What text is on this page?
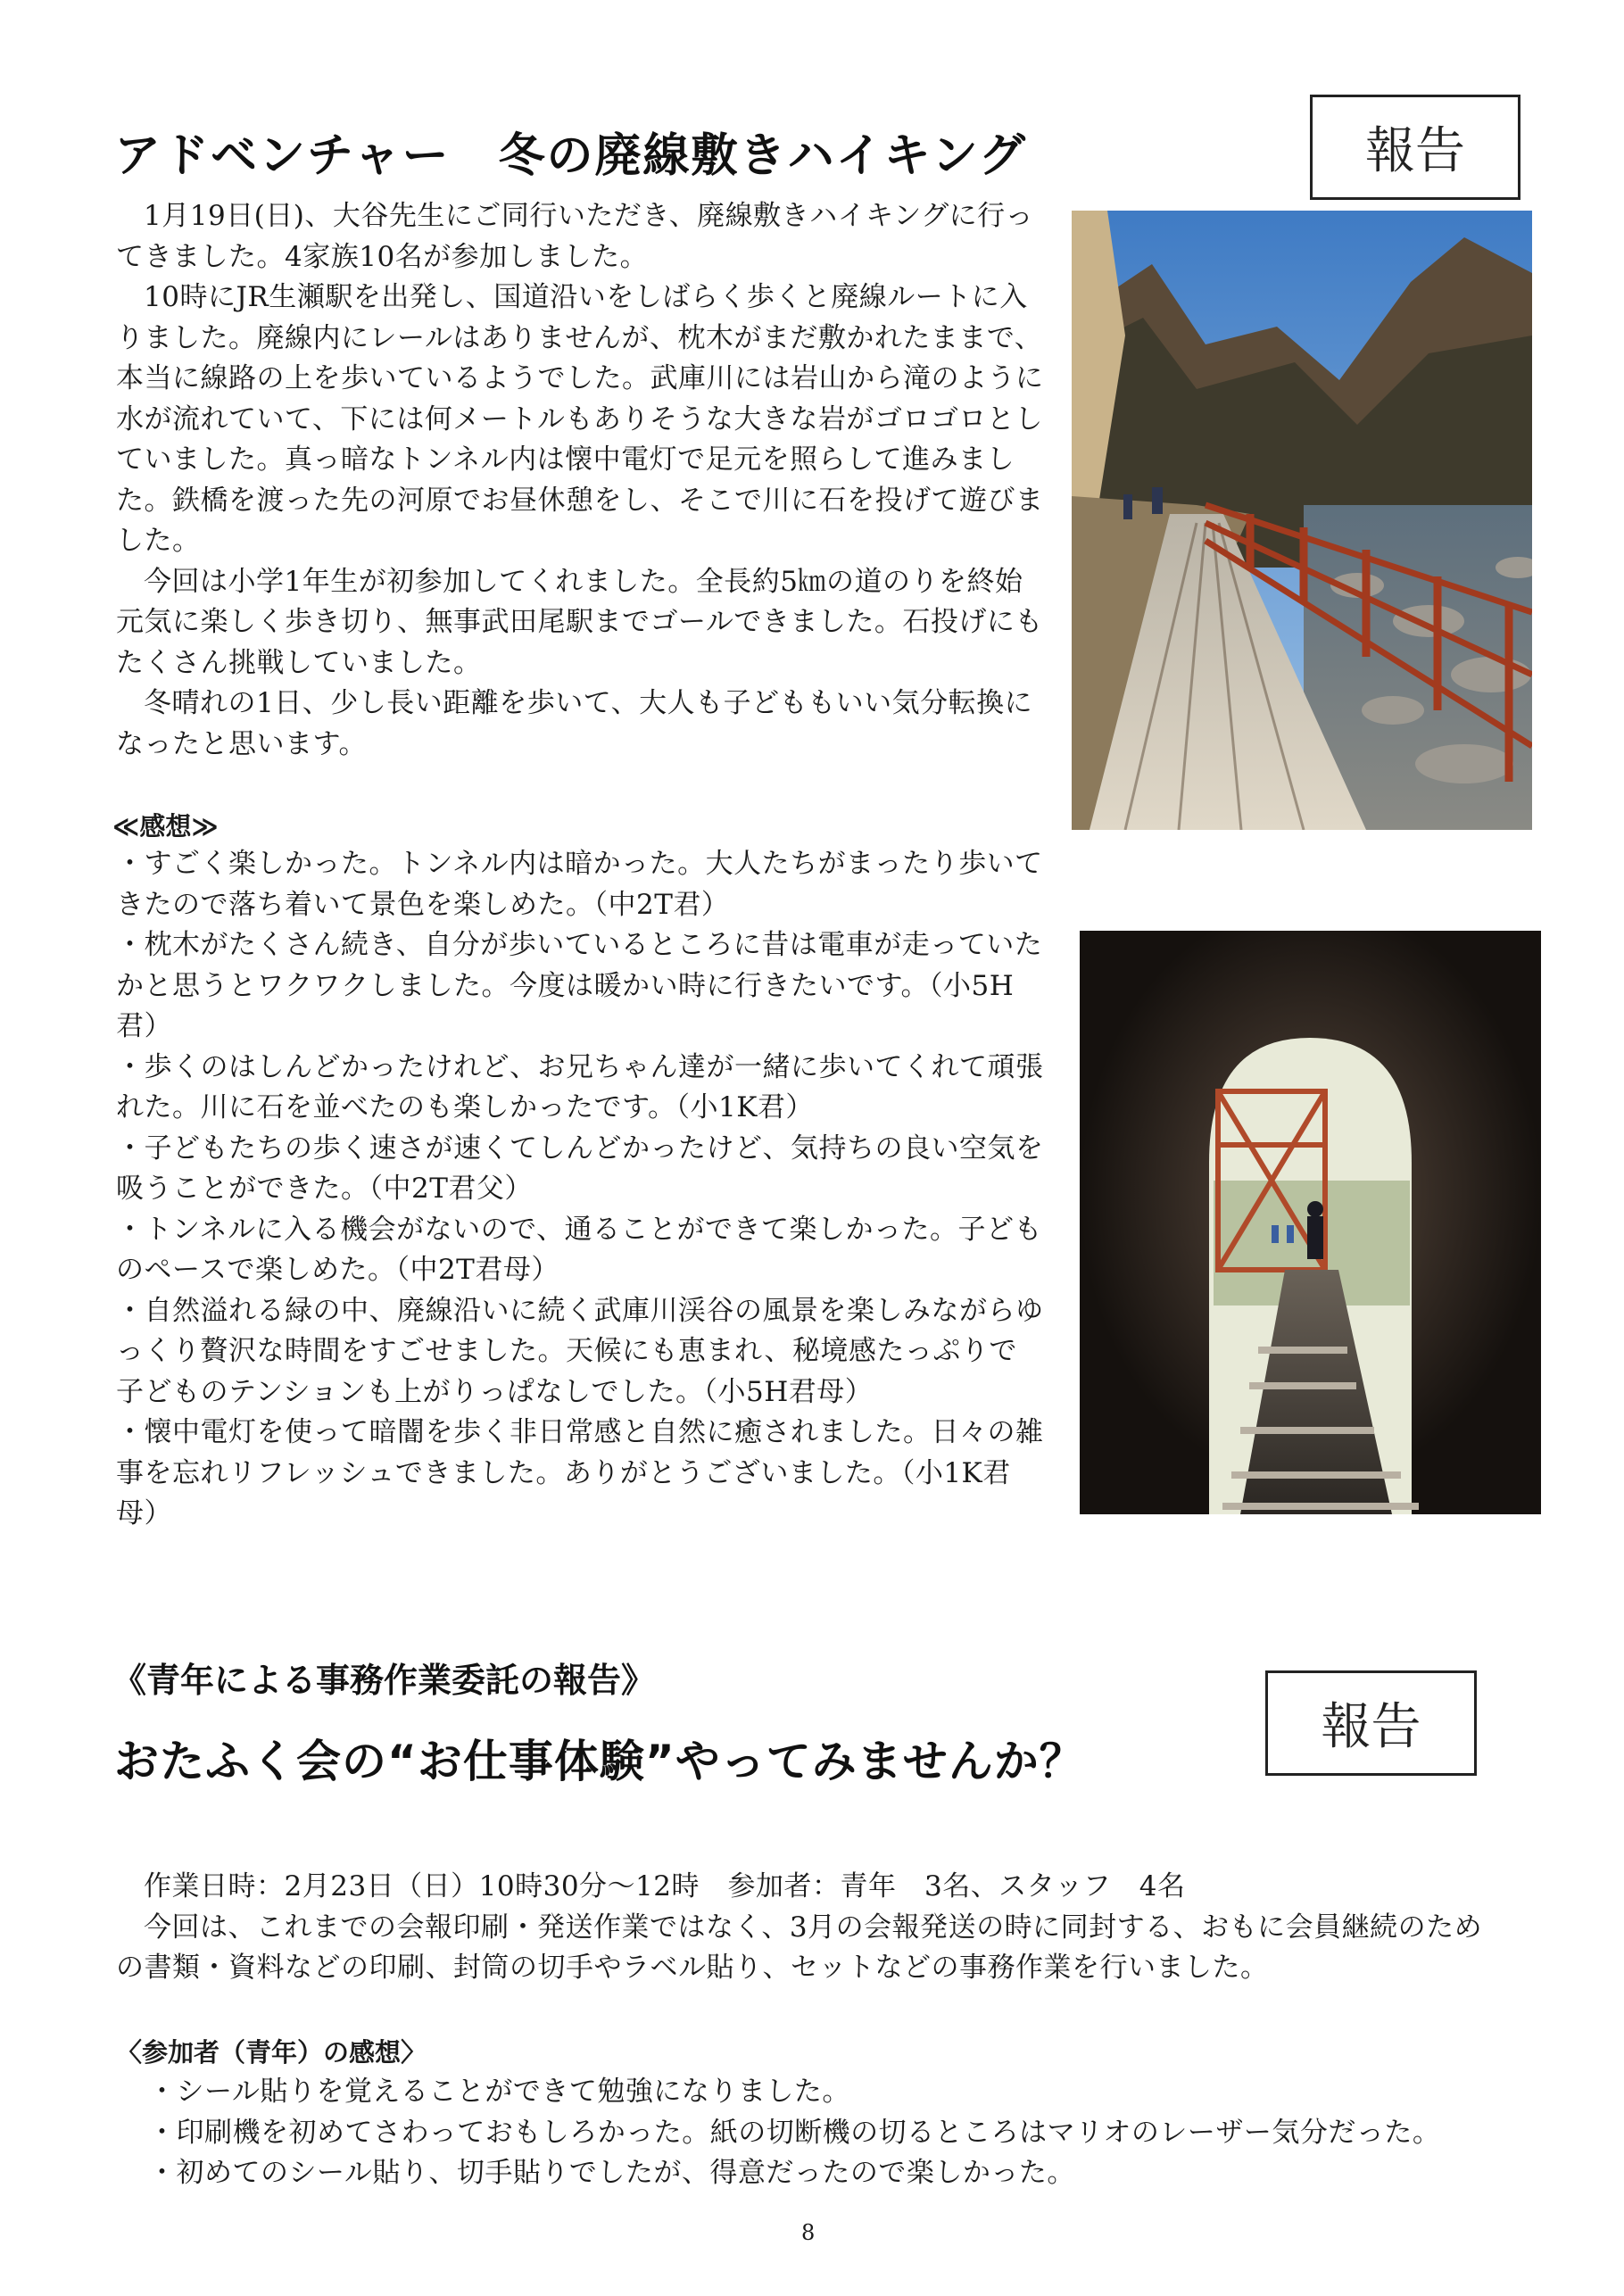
アドベンチャー　冬の廃線敷きハイキング	報告

1月19日(日)、大谷先生にご同行いただき、廃線敷きハイキングに行ってきました。4家族10名が参加しました。

10時にJR生瀬駅を出発し、国道沿いをしばらく歩くと廃線ルートに入りました。廃線内にレールはありませんが、枕木がまだ敷かれたままで、本当に線路の上を歩いているようでした。武庫川には岩山から滝のように水が流れていて、下には何メートルもありそうな大きな岩がゴロゴロとしていました。真っ暗なトンネル内は懐中電灯で足元を照らして進みました。鉄橋を渡った先の河原でお昼休憩をし、そこで川に石を投げて遊びました。

今回は小学1年生が初参加してくれました。全長約5㎞の道のりを終始元気に楽しく歩き切り、無事武田尾駅までゴールできました。石投げにもたくさん挑戦していました。

冬晴れの1日、少し長い距離を歩いて、大人も子どももいい気分転換になったと思います。

≪感想≫

・すごく楽しかった。トンネル内は暗かった。大人たちがまったり歩いてきたので落ち着いて景色を楽しめた。（中2T君）

・枕木がたくさん続き、自分が歩いているところに昔は電車が走っていたかと思うとワクワクしました。今度は暖かい時に行きたいです。（小5H君）

・歩くのはしんどかったけれど、お兄ちゃん達が一緒に歩いてくれて頑張れた。川に石を並べたのも楽しかったです。（小1K君）

・子どもたちの歩く速さが速くてしんどかったけど、気持ちの良い空気を吸うことができた。（中2T君父）

・トンネルに入る機会がないので、通ることができて楽しかった。子どものペースで楽しめた。（中2T君母）

・自然溢れる緑の中、廃線沿いに続く武庫川渓谷の風景を楽しみながらゆっくり贅沢な時間をすごせました。天候にも恵まれ、秘境感たっぷりで子どものテンションも上がりっぱなしでした。（小5H君母）

・懐中電灯を使って暗闇を歩く非日常感と自然に癒されました。日々の雑事を忘れリフレッシュできました。ありがとうございました。（小1K君母）

《青年による事務作業委託の報告》
おたふく会の“お仕事体験”やってみませんか？
報告

作業日時：2月23日（日）10時30分～12時　参加者：青年　3名、スタッフ　4名

今回は、これまでの会報印刷・発送作業ではなく、3月の会報発送の時に同封する、おもに会員継続のための書類・資料などの印刷、封筒の切手やラベル貼り、セットなどの事務作業を行いました。

〈参加者（青年）の感想〉
・シール貼りを覚えることができて勉強になりました。
・印刷機を初めてさわっておもしろかった。紙の切断機の切るところはマリオのレーザー気分だった。
・初めてのシール貼り、切手貼りでしたが、得意だったので楽しかった。
8
